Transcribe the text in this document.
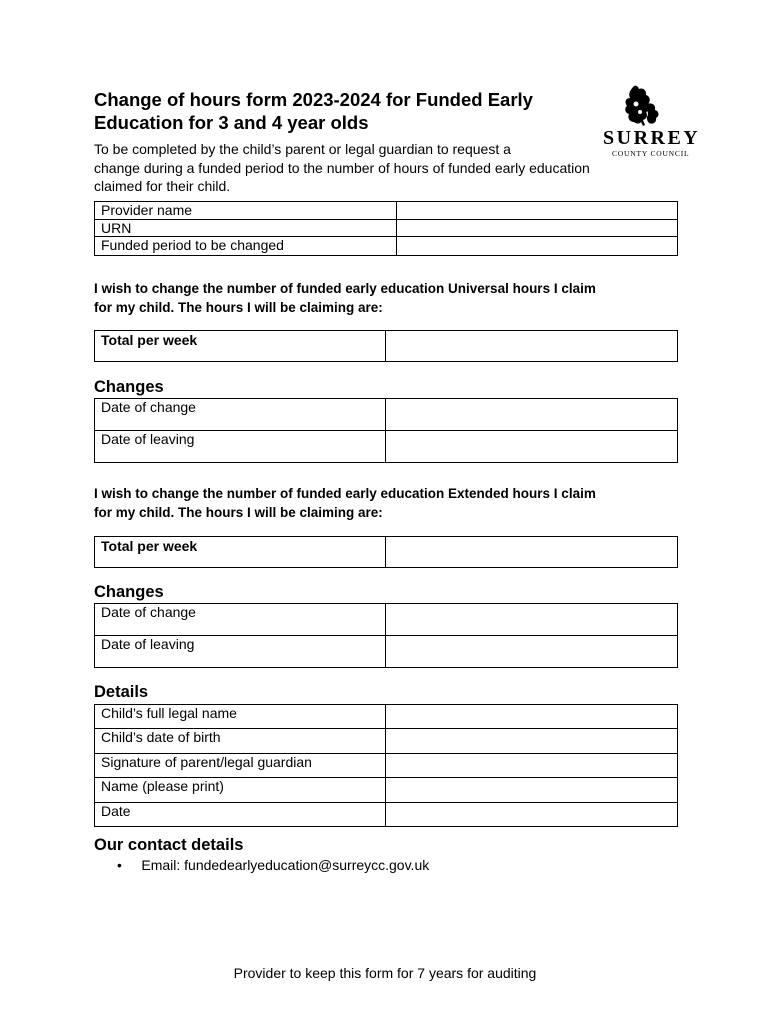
Change of hours form 2023-2024 for Funded Early
Education for 3 and 4 year olds
SURREY
COUNTY COUNCIL
To be completed by the child’s parent or legal guardian to request a
change during a funded period to the number of hours of funded early education
claimed for their child.
Provider name	
URN	
Funded period to be changed	
I wish to change the number of funded early education Universal hours I claim
for my child. The hours I will be claiming are:
Total per week	
Changes
Date of change	
Date of leaving	
I wish to change the number of funded early education Extended hours I claim
for my child. The hours I will be claiming are:
Total per week	
Changes
Date of change	
Date of leaving	
Details
Child’s full legal name	
Child’s date of birth	
Signature of parent/legal guardian	
Name (please print)	
Date	
Our contact details
• Email: fundedearlyeducation@surreycc.gov.uk
Provider to keep this form for 7 years for auditing
